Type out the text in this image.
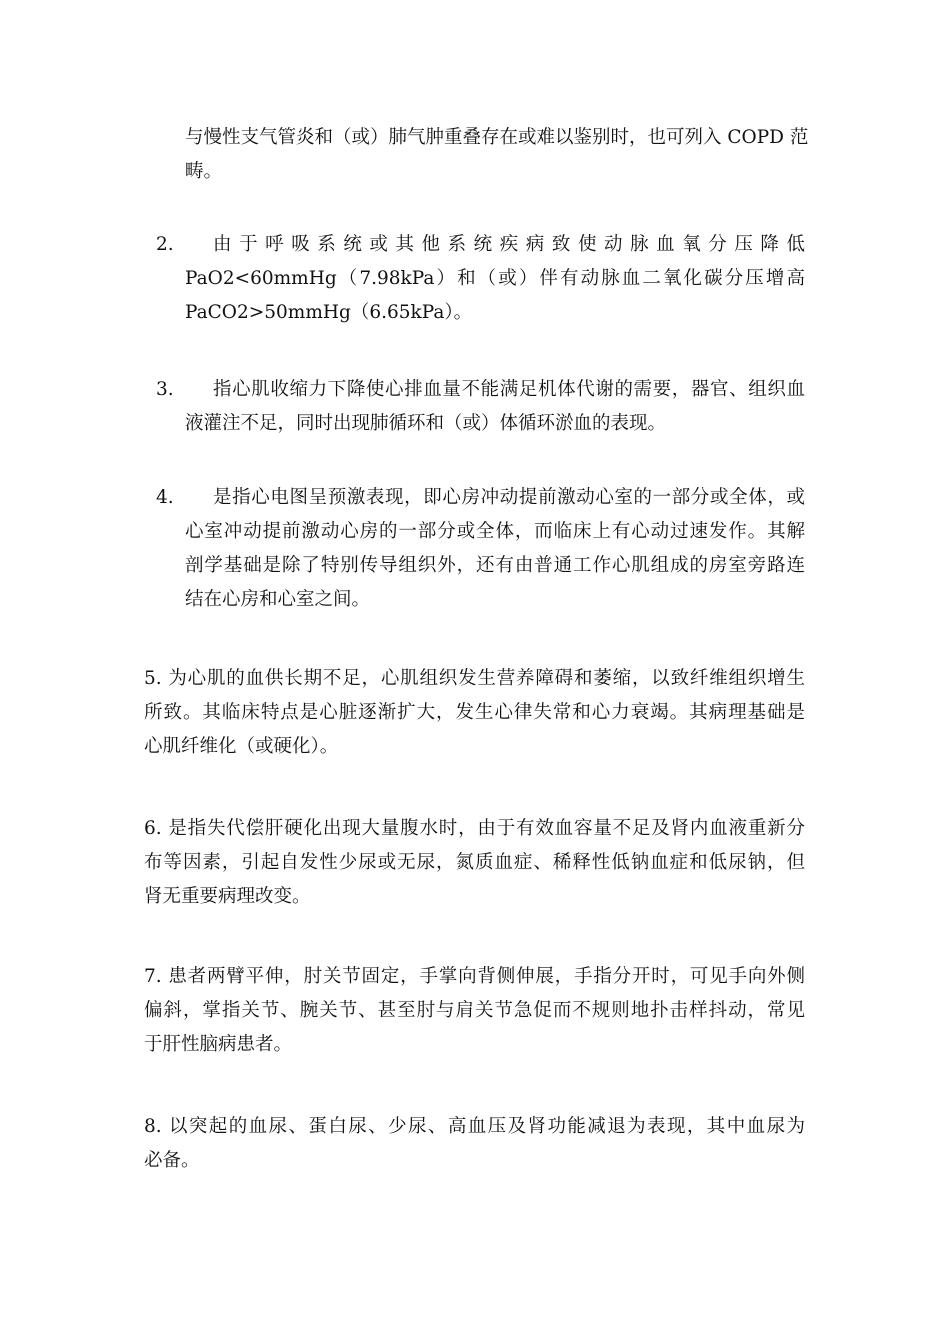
与慢性支气管炎和（或）肺气肿重叠存在或难以鉴别时，也可列入 COPD 范
畴。
2.	由于呼吸系统或其他系统疾病致使动脉血氧分压降低
PaO2<60mmHg（7.98kPa）和（或）伴有动脉血二氧化碳分压增高
PaCO2>50mmHg（6.65kPa）。
3.	指心肌收缩力下降使心排血量不能满足机体代谢的需要，器官、组织血
液灌注不足，同时出现肺循环和（或）体循环淤血的表现。
4.	是指心电图呈预激表现，即心房冲动提前激动心室的一部分或全体，或
心室冲动提前激动心房的一部分或全体，而临床上有心动过速发作。其解
剖学基础是除了特别传导组织外，还有由普通工作心肌组成的房室旁路连
结在心房和心室之间。
5. 为心肌的血供长期不足，心肌组织发生营养障碍和萎缩，以致纤维组织增生
所致。其临床特点是心脏逐渐扩大，发生心律失常和心力衰竭。其病理基础是
心肌纤维化（或硬化）。
6. 是指失代偿肝硬化出现大量腹水时，由于有效血容量不足及肾内血液重新分
布等因素，引起自发性少尿或无尿，氮质血症、稀释性低钠血症和低尿钠，但
肾无重要病理改变。
7. 患者两臂平伸，肘关节固定，手掌向背侧伸展，手指分开时，可见手向外侧
偏斜，掌指关节、腕关节、甚至肘与肩关节急促而不规则地扑击样抖动，常见
于肝性脑病患者。
8. 以突起的血尿、蛋白尿、少尿、高血压及肾功能减退为表现，其中血尿为
必备。
